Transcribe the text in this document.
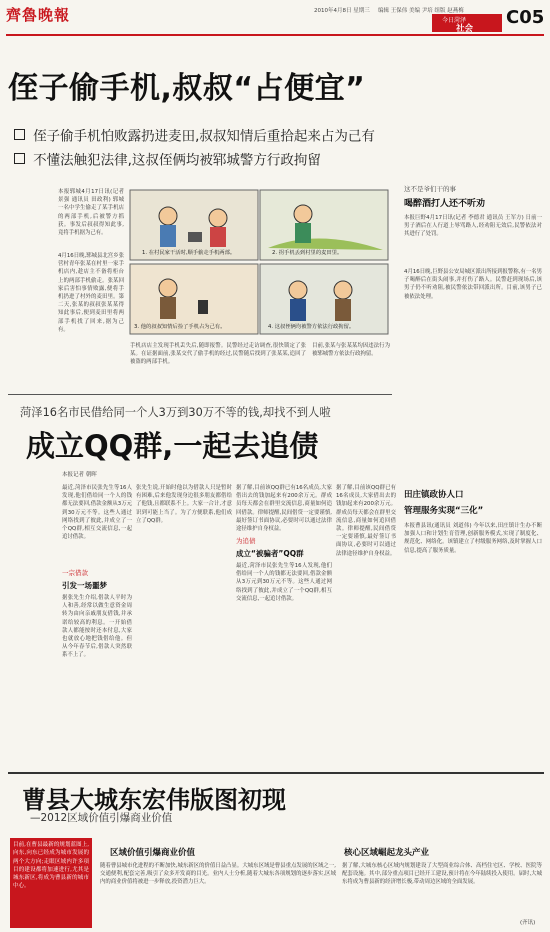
齊魯晚報	2010年4月8日 星期三 编辑 王保伟 美编 尹培 组版 赵燕梅
今日菏泽
社会
C05
侄子偷手机,叔叔“占便宜”
侄子偷手机怕败露扔进麦田,叔叔知情后重拾起来占为己有
不懂法触犯法律,这叔侄俩均被郓城警方行政拘留
本报郓城4月17日讯(记者 景强 通讯员 田政利) 郓城一名中学生偷走了某手机店的两部手机,后被警方抓获。事发后叔叔得知此事,竟将手机据为己有。
4月16日晚,郓城县北宫乡张营村青年张某在村里一家手机店内,趁店主不备将柜台上的两部手机偷走。张某回家后害怕事情败露,便将手机扔进了村外的麦田里。第二天,张某的叔叔张某某得知此事后,便到麦田里将两部手机找了回来,据为己有。
1. 在村民家干活时,顺手偷走手机两部。	2. 拐手机丢到村里的麦田里。
3. 他的叔叔知情后捡了手机占为己有。	4. 这叔侄俩均被警方依法行政拘留。
手机店店主发现手机丢失后,随即报警。民警经过走访调查,很快锁定了张某。在证据面前,张某交代了偷手机的经过,民警随后找到了张某某,追回了被盗的两部手机。
目前,张某与张某某均因违法行为被郓城警方依法行政拘留。
这不是爷们干的事
喝醉酒打人还不听劝
本报巨野4月17日讯(记者 李德君 通讯员 王军方) 日前一男子酒后在人行道上辱骂路人,经劝阻无效后,民警依法对其进行了处罚。
4月16日晚,巨野县公安局城区派出所接到报警称,有一名男子喝醉后在街头闹事,并打伤了路人。民警赶到现场后,该男子仍不听劝阻,被民警依法带回派出所。目前,该男子已被依法处理。
田庄镇政协人口
管理服务实现“三化”
本报曹县讯(通讯员 刘道伟) 今年以来,田庄镇计生办不断加强人口和计划生育管理,创新服务模式,实现了制度化、规范化、网络化。该镇建立了村级服务网络,及时掌握人口信息,提高了服务质量。
菏泽16名市民借给同一个人3万到30万不等的钱,却找不到人啦
成立QQ群,一起去追债
本报记者 朝晖
最近,菏泽市民张先生等16人发现,他们借给同一个人的钱都无法要回,借款金额从3万元到30万元不等。这些人通过网络找到了彼此,并成立了一个QQ群,相互交流信息,一起追讨借款。
一宗借款
引发一场噩梦
据张先生介绍,借款人平时为人和善,经常以做生意资金周转为由向亲戚朋友借钱,并承诺给较高的利息。一开始借款人都能按时还本付息,大家也就放心地把钱借给他。但从今年春节后,借款人突然联系不上了。
张先生说,开始时他以为借款人只是暂时有困难,后来他发现身边很多朋友都借给了他钱,且都联系不上。大家一合计,才意识到可能上当了。为了方便联系,他们成立了QQ群。
据了解,目前该QQ群已有16名成员,大家借出去的钱加起来有200余万元。群成员每天都会在群里交流信息,商量如何追回借款。律师提醒,民间借贷一定要谨慎,最好签订书面协议,必要时可以通过法律途径维护自身权益。
为追债
成立“被骗者”QQ群
最近,菏泽市民张先生等16人发现,他们借给同一个人的钱都无法要回,借款金额从3万元到30万元不等。这些人通过网络找到了彼此,并成立了一个QQ群,相互交流信息,一起追讨借款。
据了解,目前该QQ群已有16名成员,大家借出去的钱加起来有200余万元。群成员每天都会在群里交流信息,商量如何追回借款。律师提醒,民间借贷一定要谨慎,最好签订书面协议,必要时可以通过法律途径维护自身权益。
曹县大城东宏伟版图初现
—2012区域价值引爆商业价值
目前,在曹县最新的规划蓝图上,向东,向东已经成为城市发展的两个大方向;走眼区域内许多项目的建设都将加速进行,尤其是城东新区,将成为曹县新的城市中心。
区域价值引爆商业价值
随着曹县城市化进程的不断加快,城东新区的价值日益凸显。大城东区域是曹县重点发展的区域之一,交通便利,配套完善,吸引了众多开发商的目光。业内人士分析,随着大城东各项规划的逐步落实,区域内的商业价值将被进一步释放,投资潜力巨大。
核心区域崛起龙头产业
据了解,大城东核心区域内规划建设了大型商业综合体、高档住宅区、学校、医院等配套设施。其中,部分重点项目已经开工建设,预计将在今年陆续投入使用。届时,大城东将成为曹县新的经济增长极,带动周边区域的全面发展。
(齐讯)
